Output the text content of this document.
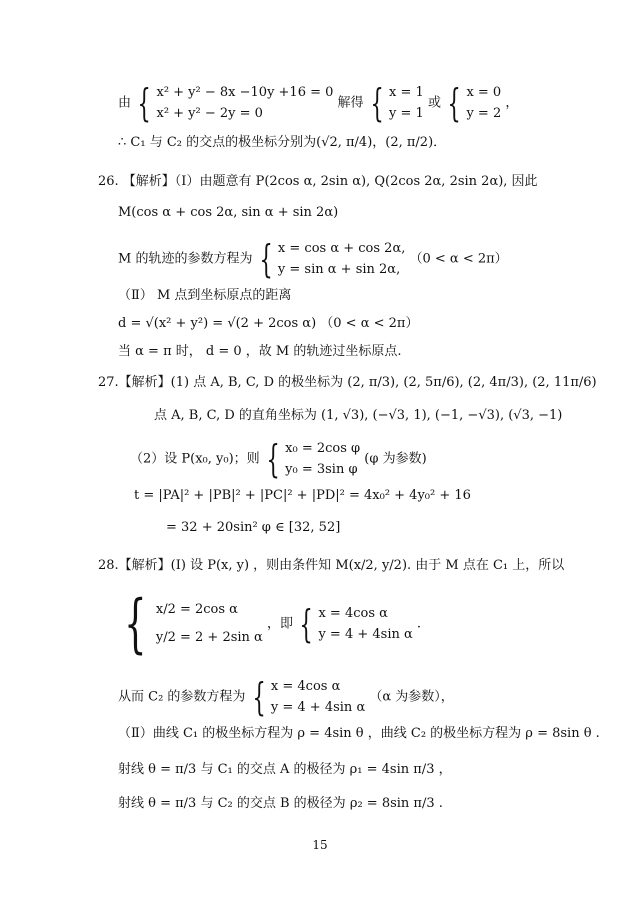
由 { x² + y² − 8x −10y +16 = 0
x² + y² − 2y = 0
解得 { x = 1
y = 1
或 { x = 0
y = 2
，
∴ C₁ 与 C₂ 的交点的极坐标分别为(√2, π/4)，(2, π/2)．
26. 【解析】（Ⅰ）由题意有 P(2cos α, 2sin α), Q(2cos 2α, 2sin 2α), 因此
M(cos α + cos 2α, sin α + sin 2α)
M 的轨迹的参数方程为 { x = cos α + cos 2α,
y = sin α + sin 2α,
（0 < α < 2π）
（Ⅱ） M 点到坐标原点的距离
d = √(x² + y²) = √(2 + 2cos α) （0 < α < 2π）
当 α = π 时， d = 0 ，故 M 的轨迹过坐标原点.
27.【解析】(1) 点 A, B, C, D 的极坐标为 (2, π/3), (2, 5π/6), (2, 4π/3), (2, 11π/6)
点 A, B, C, D 的直角坐标为 (1, √3), (−√3, 1), (−1, −√3), (√3, −1)
（2）设 P(x₀, y₀)；则 { x₀ = 2cos φ
y₀ = 3sin φ
(φ 为参数)
t = |PA|² + |PB|² + |PC|² + |PD|² = 4x₀² + 4y₀² + 16
= 32 + 20sin² φ ∈ [32, 52]
28.【解析】(I) 设 P(x, y) ，则由条件知 M(x/2, y/2). 由于 M 点在 C₁ 上，所以
{ x/2 = 2cos α
y/2 = 2 + 2sin α
，即 { x = 4cos α
y = 4 + 4sin α
.
从而 C₂ 的参数方程为 { x = 4cos α
y = 4 + 4sin α
（α 为参数），
（Ⅱ）曲线 C₁ 的极坐标方程为 ρ = 4sin θ ，曲线 C₂ 的极坐标方程为 ρ = 8sin θ .
射线 θ = π/3 与 C₁ 的交点 A 的极径为 ρ₁ = 4sin π/3 ，
射线 θ = π/3 与 C₂ 的交点 B 的极径为 ρ₂ = 8sin π/3 .
15
